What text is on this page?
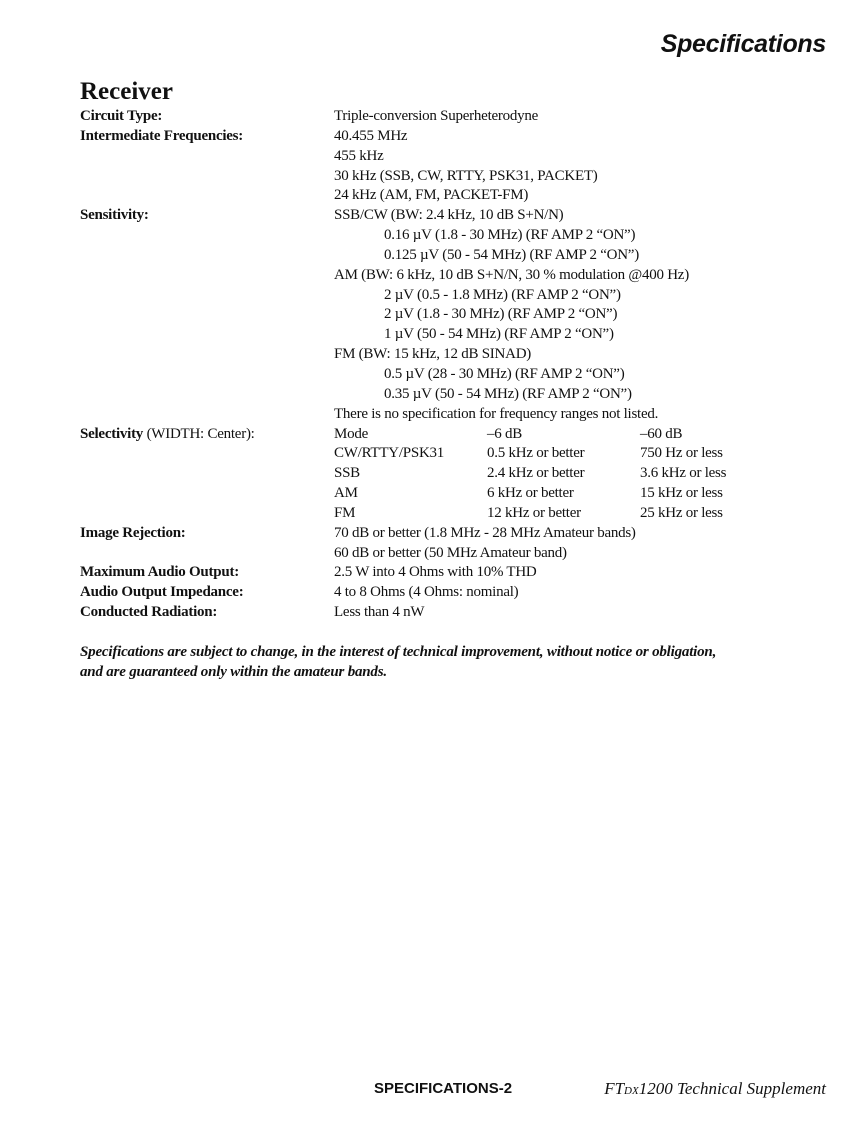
Specifications
Receiver
Circuit Type:	Triple-conversion Superheterodyne
Intermediate Frequencies:	40.455 MHz
455 kHz
30 kHz (SSB, CW, RTTY, PSK31, PACKET)
24 kHz (AM, FM, PACKET-FM)
Sensitivity:	SSB/CW (BW: 2.4 kHz, 10 dB S+N/N)
0.16 µV (1.8 - 30 MHz) (RF AMP 2 “ON”)
0.125 µV (50 - 54 MHz) (RF AMP 2 “ON”)
AM (BW: 6 kHz, 10 dB S+N/N, 30 % modulation @400 Hz)
2 µV (0.5 - 1.8 MHz) (RF AMP 2 “ON”)
2 µV (1.8 - 30 MHz) (RF AMP 2 “ON”)
1 µV (50 - 54 MHz) (RF AMP 2 “ON”)
FM (BW: 15 kHz, 12 dB SINAD)
0.5 µV (28 - 30 MHz) (RF AMP 2 “ON”)
0.35 µV (50 - 54 MHz) (RF AMP 2 “ON”)
There is no specification for frequency ranges not listed.
Selectivity (WIDTH: Center):	Mode	–6 dB	–60 dB
CW/RTTY/PSK31	0.5 kHz or better	750 Hz or less
SSB	2.4 kHz or better	3.6 kHz or less
AM	6 kHz or better	15 kHz or less
FM	12 kHz or better	25 kHz or less
Image Rejection:	70 dB or better (1.8 MHz - 28 MHz Amateur bands)
60 dB or better (50 MHz Amateur band)
Maximum Audio Output:	2.5 W into 4 Ohms with 10% THD
Audio Output Impedance:	4 to 8 Ohms (4 Ohms: nominal)
Conducted Radiation:	Less than 4 nW
Specifications are subject to change, in the interest of technical improvement, without notice or obligation,
and are guaranteed only within the amateur bands.
SPECIFICATIONS-2	FTDX1200 Technical Supplement
